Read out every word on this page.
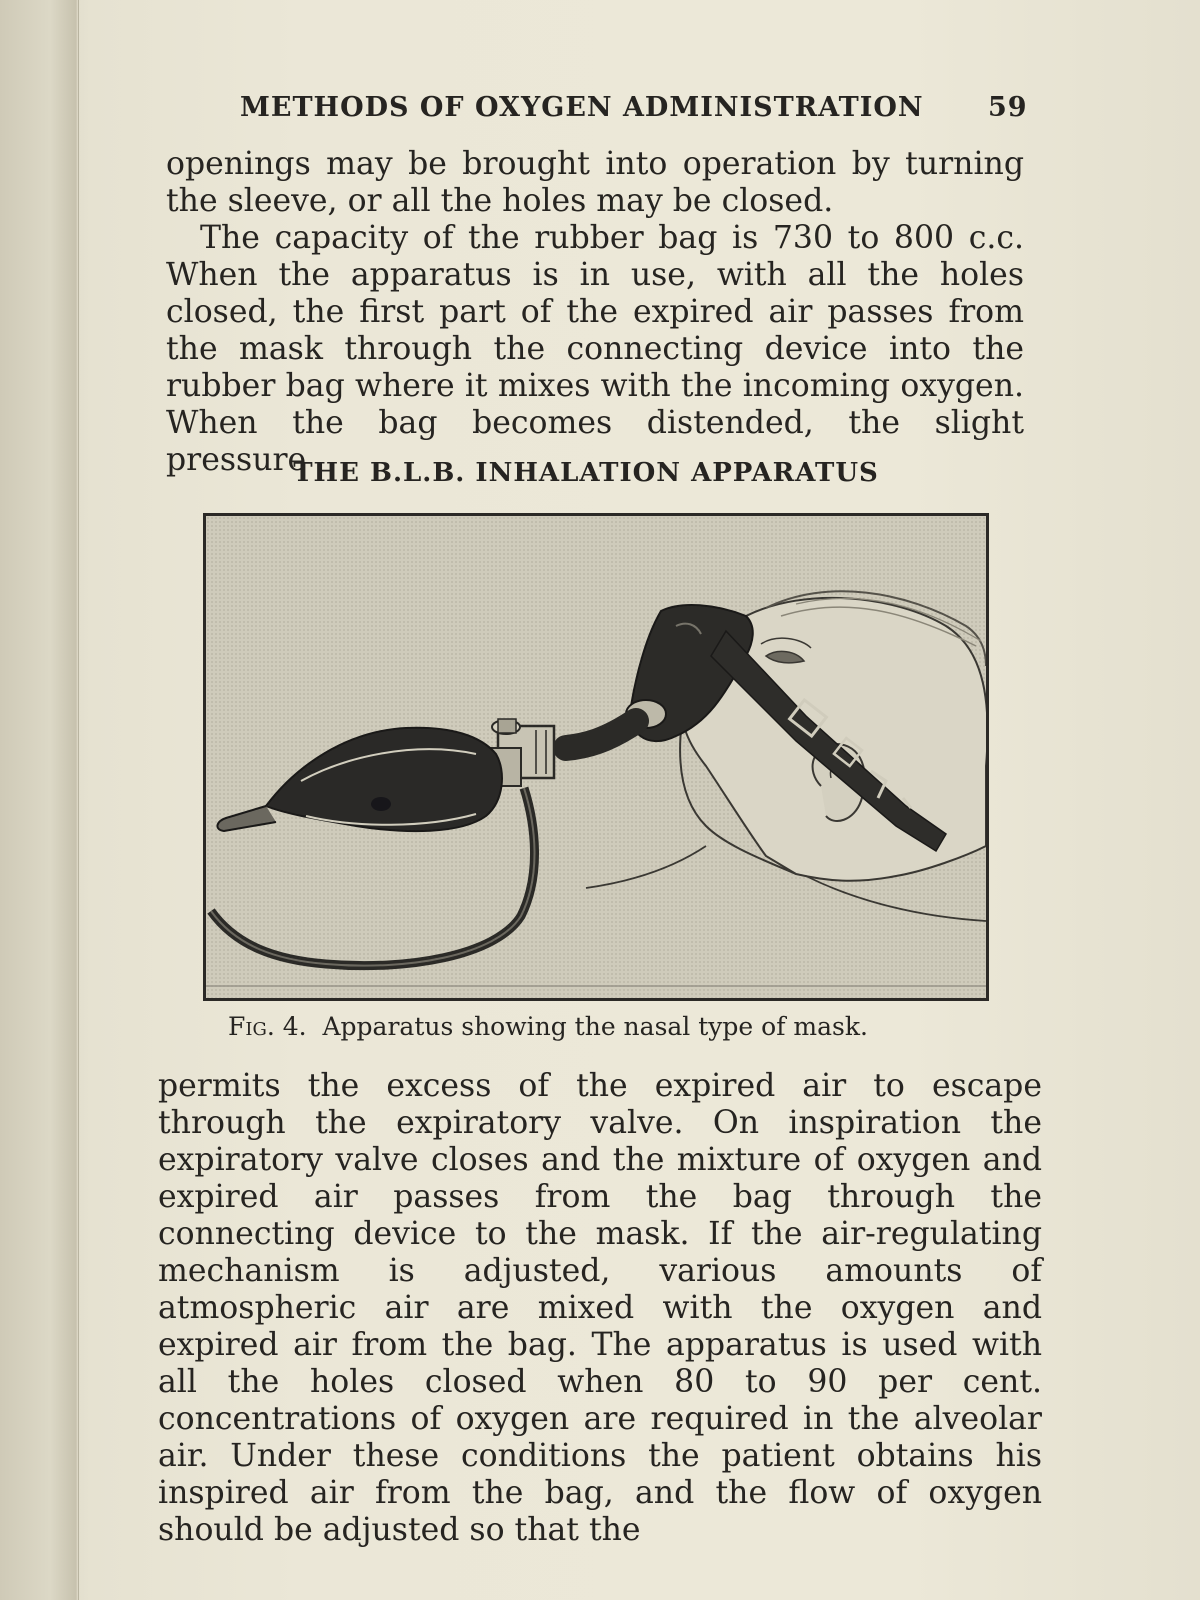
METHODS OF OXYGEN ADMINISTRATION 59
openings may be brought into operation by turning the sleeve, or all the holes may be closed.
The capacity of the rubber bag is 730 to 800 c.c. When the apparatus is in use, with all the holes closed, the first part of the expired air passes from the mask through the connecting device into the rubber bag where it mixes with the incoming oxygen. When the bag becomes distended, the slight pressure
THE B.L.B. INHALATION APPARATUS
Fig. 4. Apparatus showing the nasal type of mask.
permits the excess of the expired air to escape through the expiratory valve. On inspiration the expiratory valve closes and the mixture of oxygen and expired air passes from the bag through the connecting device to the mask. If the air-regulating mechanism is adjusted, various amounts of atmospheric air are mixed with the oxygen and expired air from the bag. The apparatus is used with all the holes closed when 80 to 90 per cent. concentrations of oxygen are required in the alveolar air. Under these conditions the patient obtains his inspired air from the bag, and the flow of oxygen should be adjusted so that the
